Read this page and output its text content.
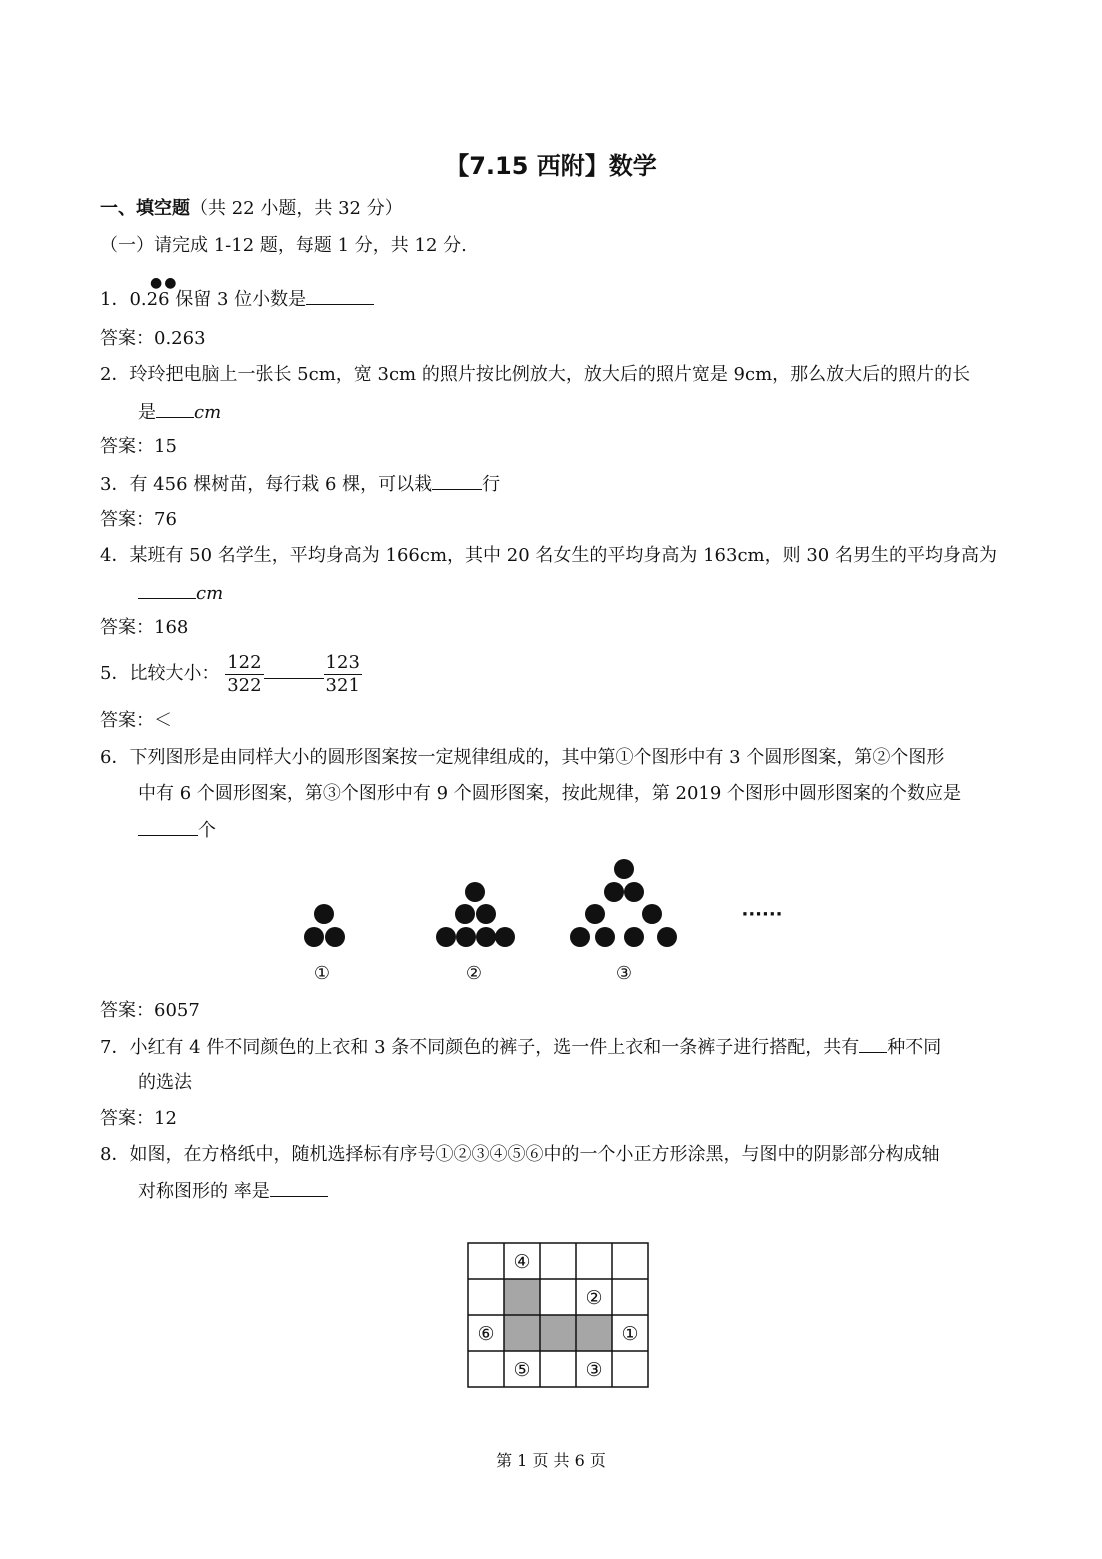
【7.15 西附】数学
一、填空题（共 22 小题，共 32 分）
（一）请完成 1-12 题，每题 1 分，共 12 分.
●●
1．0.26 保留 3 位小数是
答案：0.263
2．玲玲把电脑上一张长 5cm，宽 3cm 的照片按比例放大，放大后的照片宽是 9cm，那么放大后的照片的长
是 cm
答案：15
3．有 456 棵树苗，每行栽 6 棵，可以栽	行
答案：76
4．某班有 50 名学生，平均身高为 166cm，其中 20 名女生的平均身高为 163cm，则 30 名男生的平均身高为
cm
答案：168
5．比较大小： $\frac{122}{322}$	$\frac{123}{321}$
答案：＜
6．下列图形是由同样大小的圆形图案按一定规律组成的，其中第①个图形中有 3 个圆形图案，第②个图形
中有 6 个圆形图案，第③个图形中有 9 个圆形图案，按此规律，第 2019 个图形中圆形图案的个数应是
个
①	②	③
······
答案：6057
7．小红有 4 件不同颜色的上衣和 3 条不同颜色的裤子，选一件上衣和一条裤子进行搭配，共有 种不同
的选法
答案：12
8．如图，在方格纸中，随机选择标有序号①②③④⑤⑥中的一个小正方形涂黑，与图中的阴影部分构成轴
对称图形的 率是
④
②
⑥	①
⑤	③
第 1 页 共 6 页
